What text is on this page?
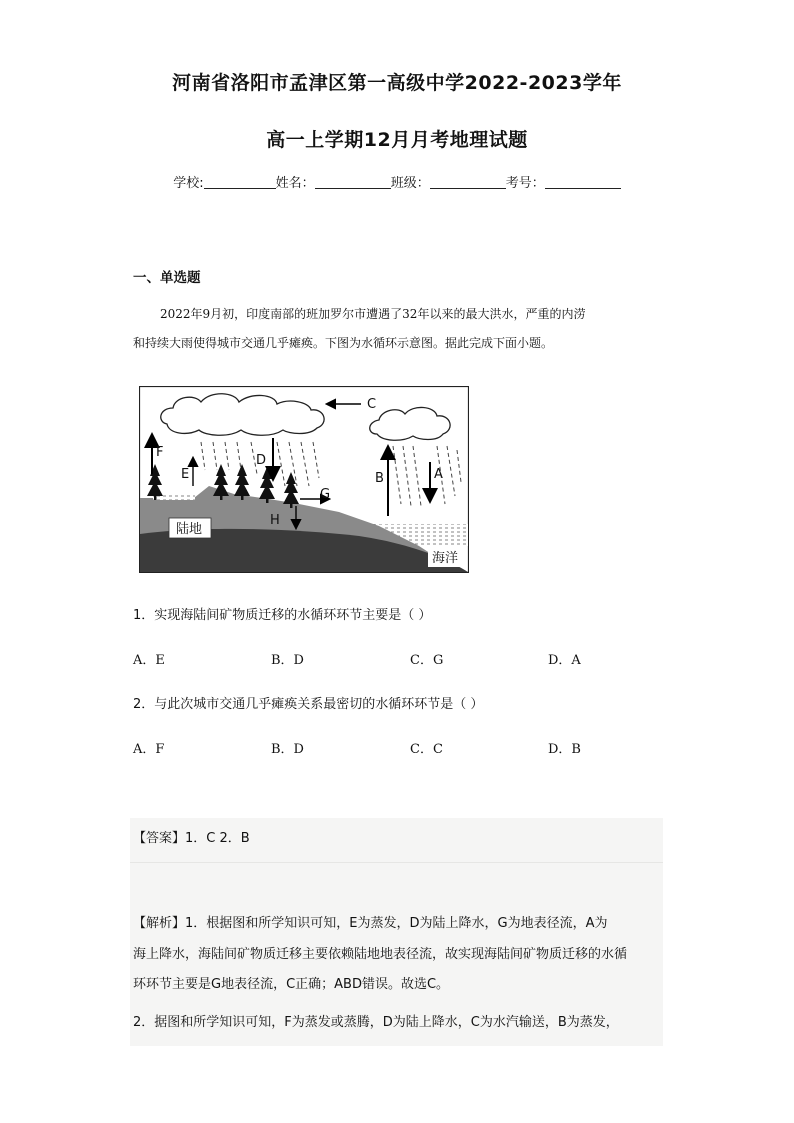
河南省洛阳市孟津区第一高级中学2022-2023学年
高一上学期12月月考地理试题
学校:	姓名：	班级：	考号：
一、单选题
2022年9月初，印度南部的班加罗尔市遭遇了32年以来的最大洪水，严重的内涝
和持续大雨使得城市交通几乎瘫痪。下图为水循环示意图。据此完成下面小题。
F
E
D
C
G
H
B	A
陆地
海洋
1．实现海陆间矿物质迁移的水循环环节主要是（ ）
A．E	B．D	C．G	D．A
2．与此次城市交通几乎瘫痪关系最密切的水循环环节是（ ）
A．F	B．D	C．C	D．B
【答案】1．C 2．B
【解析】1．根据图和所学知识可知，E为蒸发，D为陆上降水，G为地表径流，A为
海上降水，海陆间矿物质迁移主要依赖陆地地表径流，故实现海陆间矿物质迁移的水循
环环节主要是G地表径流，C正确；ABD错误。故选C。
2．据图和所学知识可知，F为蒸发或蒸腾，D为陆上降水，C为水汽输送，B为蒸发，
